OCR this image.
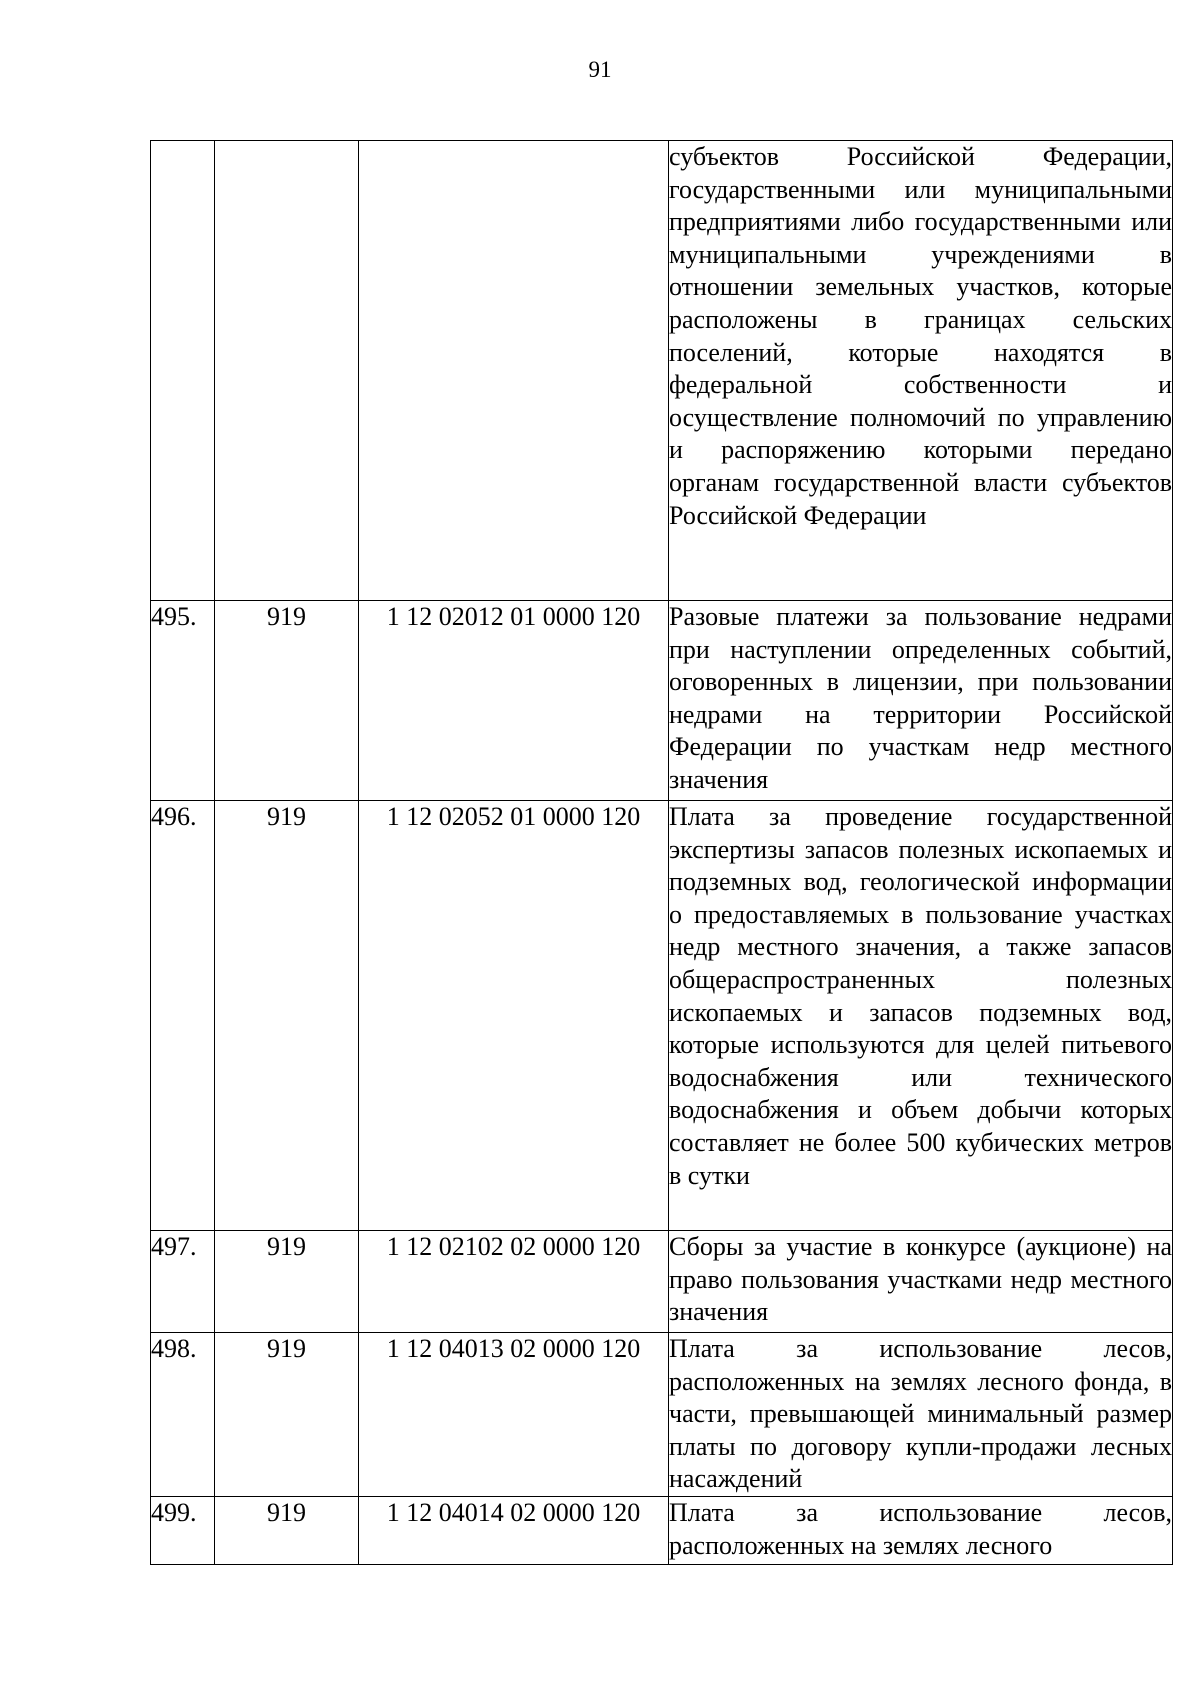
91
			субъектов Российской Федерации, государственными или муниципальными предприятиями либо государственными или муниципальными учреждениями в отношении земельных участков, которые расположены в границах сельских поселений, которые находятся в федеральной собственности и осуществление полномочий по управлению и распоряжению которыми передано органам государственной власти субъектов Российской Федерации
495.	919	1 12 02012 01 0000 120	Разовые платежи за пользование недрами при наступлении определенных событий, оговоренных в лицензии, при пользовании недрами на территории Российской Федерации по участкам недр местного значения
496.	919	1 12 02052 01 0000 120	Плата за проведение государственной экспертизы запасов полезных ископаемых и подземных вод, геологической информации о предоставляемых в пользование участках недр местного значения, а также запасов общераспространенных полезных ископаемых и запасов подземных вод, которые используются для целей питьевого водоснабжения или технического водоснабжения и объем добычи которых составляет не более 500 кубических метров в сутки
497.	919	1 12 02102 02 0000 120	Сборы за участие в конкурсе (аукционе) на право пользования участками недр местного значения
498.	919	1 12 04013 02 0000 120	Плата за использование лесов, расположенных на землях лесного фонда, в части, превышающей минимальный размер платы по договору купли-продажи лесных насаждений
499.	919	1 12 04014 02 0000 120	Плата за использование лесов, расположенных на землях лесного
